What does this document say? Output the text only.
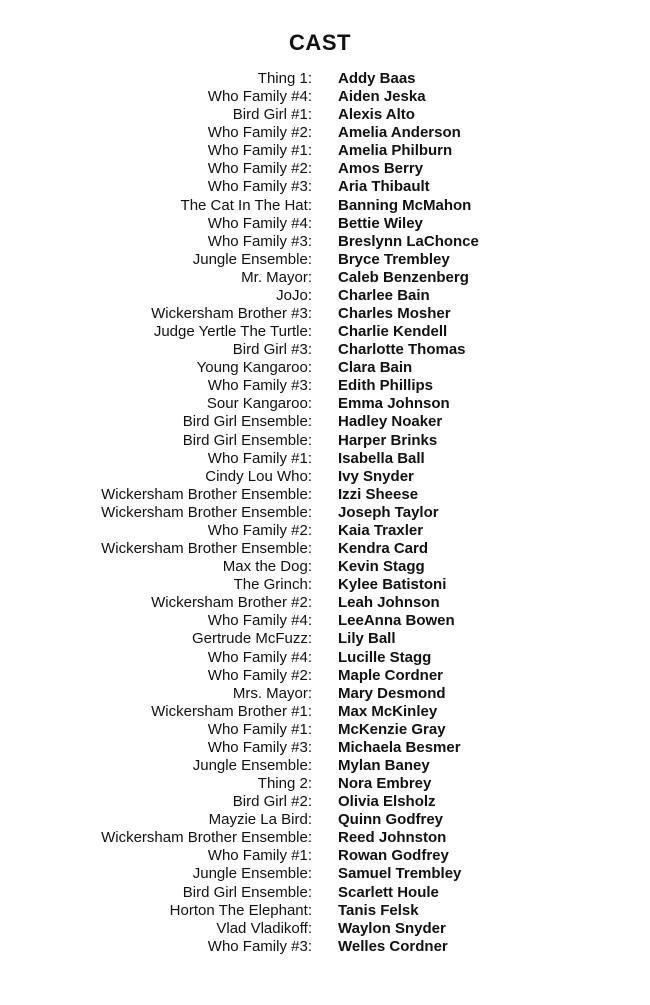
CAST
Thing 1: Addy Baas
Who Family #4: Aiden Jeska
Bird Girl #1: Alexis Alto
Who Family #2: Amelia Anderson
Who Family #1: Amelia Philburn
Who Family #2: Amos Berry
Who Family #3: Aria Thibault
The Cat In The Hat: Banning McMahon
Who Family #4: Bettie Wiley
Who Family #3: Breslynn LaChonce
Jungle Ensemble: Bryce Trembley
Mr. Mayor: Caleb Benzenberg
JoJo: Charlee Bain
Wickersham Brother #3: Charles Mosher
Judge Yertle The Turtle: Charlie Kendell
Bird Girl #3: Charlotte Thomas
Young Kangaroo: Clara Bain
Who Family #3: Edith Phillips
Sour Kangaroo: Emma Johnson
Bird Girl Ensemble: Hadley Noaker
Bird Girl Ensemble: Harper Brinks
Who Family #1: Isabella Ball
Cindy Lou Who: Ivy Snyder
Wickersham Brother Ensemble: Izzi Sheese
Wickersham Brother Ensemble: Joseph Taylor
Who Family #2: Kaia Traxler
Wickersham Brother Ensemble: Kendra Card
Max the Dog: Kevin Stagg
The Grinch: Kylee Batistoni
Wickersham Brother #2: Leah Johnson
Who Family #4: LeeAnna Bowen
Gertrude McFuzz: Lily Ball
Who Family #4: Lucille Stagg
Who Family #2: Maple Cordner
Mrs. Mayor: Mary Desmond
Wickersham Brother #1: Max McKinley
Who Family #1: McKenzie Gray
Who Family #3: Michaela Besmer
Jungle Ensemble: Mylan Baney
Thing 2: Nora Embrey
Bird Girl #2: Olivia Elsholz
Mayzie La Bird: Quinn Godfrey
Wickersham Brother Ensemble: Reed Johnston
Who Family #1: Rowan Godfrey
Jungle Ensemble: Samuel Trembley
Bird Girl Ensemble: Scarlett Houle
Horton The Elephant: Tanis Felsk
Vlad Vladikoff: Waylon Snyder
Who Family #3: Welles Cordner
